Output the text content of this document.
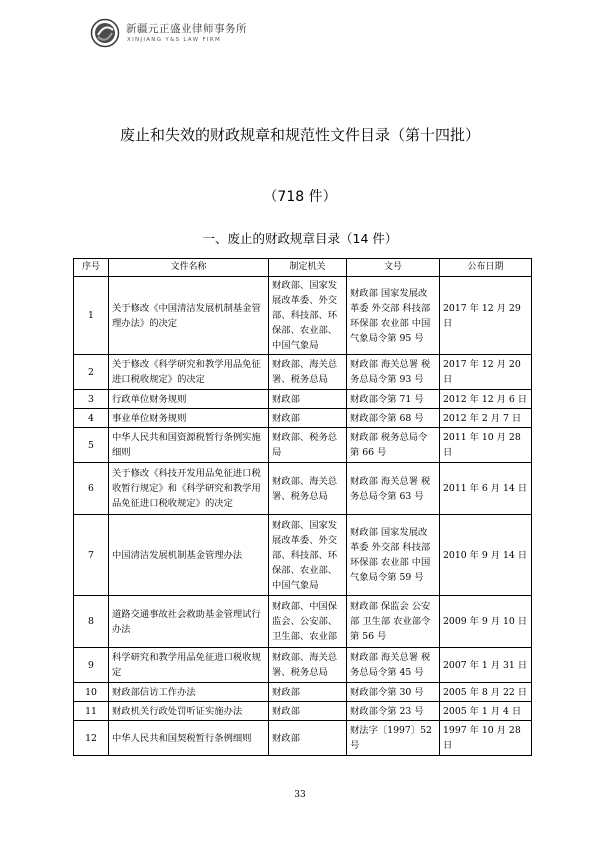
新疆元正盛业律师事务所
XINJIANG Y&S LAW FIRM
废止和失效的财政规章和规范性文件目录（第十四批）
（718 件）
一、废止的财政规章目录（14 件）
序号	文件名称	制定机关	文号	公布日期
1	关于修改《中国清洁发展机制基金管理办法》的决定	财政部、国家发展改革委、外交部、科技部、环保部、农业部、中国气象局	财政部 国家发展改革委 外交部 科技部 环保部 农业部 中国气象局令第 95 号	2017 年 12 月 29 日
2	关于修改《科学研究和教学用品免征进口税收规定》的决定	财政部、海关总署、税务总局	财政部 海关总署 税务总局令第 93 号	2017 年 12 月 20 日
3	行政单位财务规则	财政部	财政部令第 71 号	2012 年 12 月 6 日
4	事业单位财务规则	财政部	财政部令第 68 号	2012 年 2 月 7 日
5	中华人民共和国资源税暂行条例实施细则	财政部、税务总局	财政部 税务总局令第 66 号	2011 年 10 月 28 日
6	关于修改《科技开发用品免征进口税收暂行规定》和《科学研究和教学用品免征进口税收规定》的决定	财政部、海关总署、税务总局	财政部 海关总署 税务总局令第 63 号	2011 年 6 月 14 日
7	中国清洁发展机制基金管理办法	财政部、国家发展改革委、外交部、科技部、环保部、农业部、中国气象局	财政部 国家发展改革委 外交部 科技部 环保部 农业部 中国气象局令第 59 号	2010 年 9 月 14 日
8	道路交通事故社会救助基金管理试行办法	财政部、中国保监会、公安部、卫生部、农业部	财政部 保监会 公安部 卫生部 农业部令第 56 号	2009 年 9 月 10 日
9	科学研究和教学用品免征进口税收规定	财政部、海关总署、税务总局	财政部 海关总署 税务总局令第 45 号	2007 年 1 月 31 日
10	财政部信访工作办法	财政部	财政部令第 30 号	2005 年 8 月 22 日
11	财政机关行政处罚听证实施办法	财政部	财政部令第 23 号	2005 年 1 月 4 日
12	中华人民共和国契税暂行条例细则	财政部	财法字〔1997〕52 号	1997 年 10 月 28 日
33
